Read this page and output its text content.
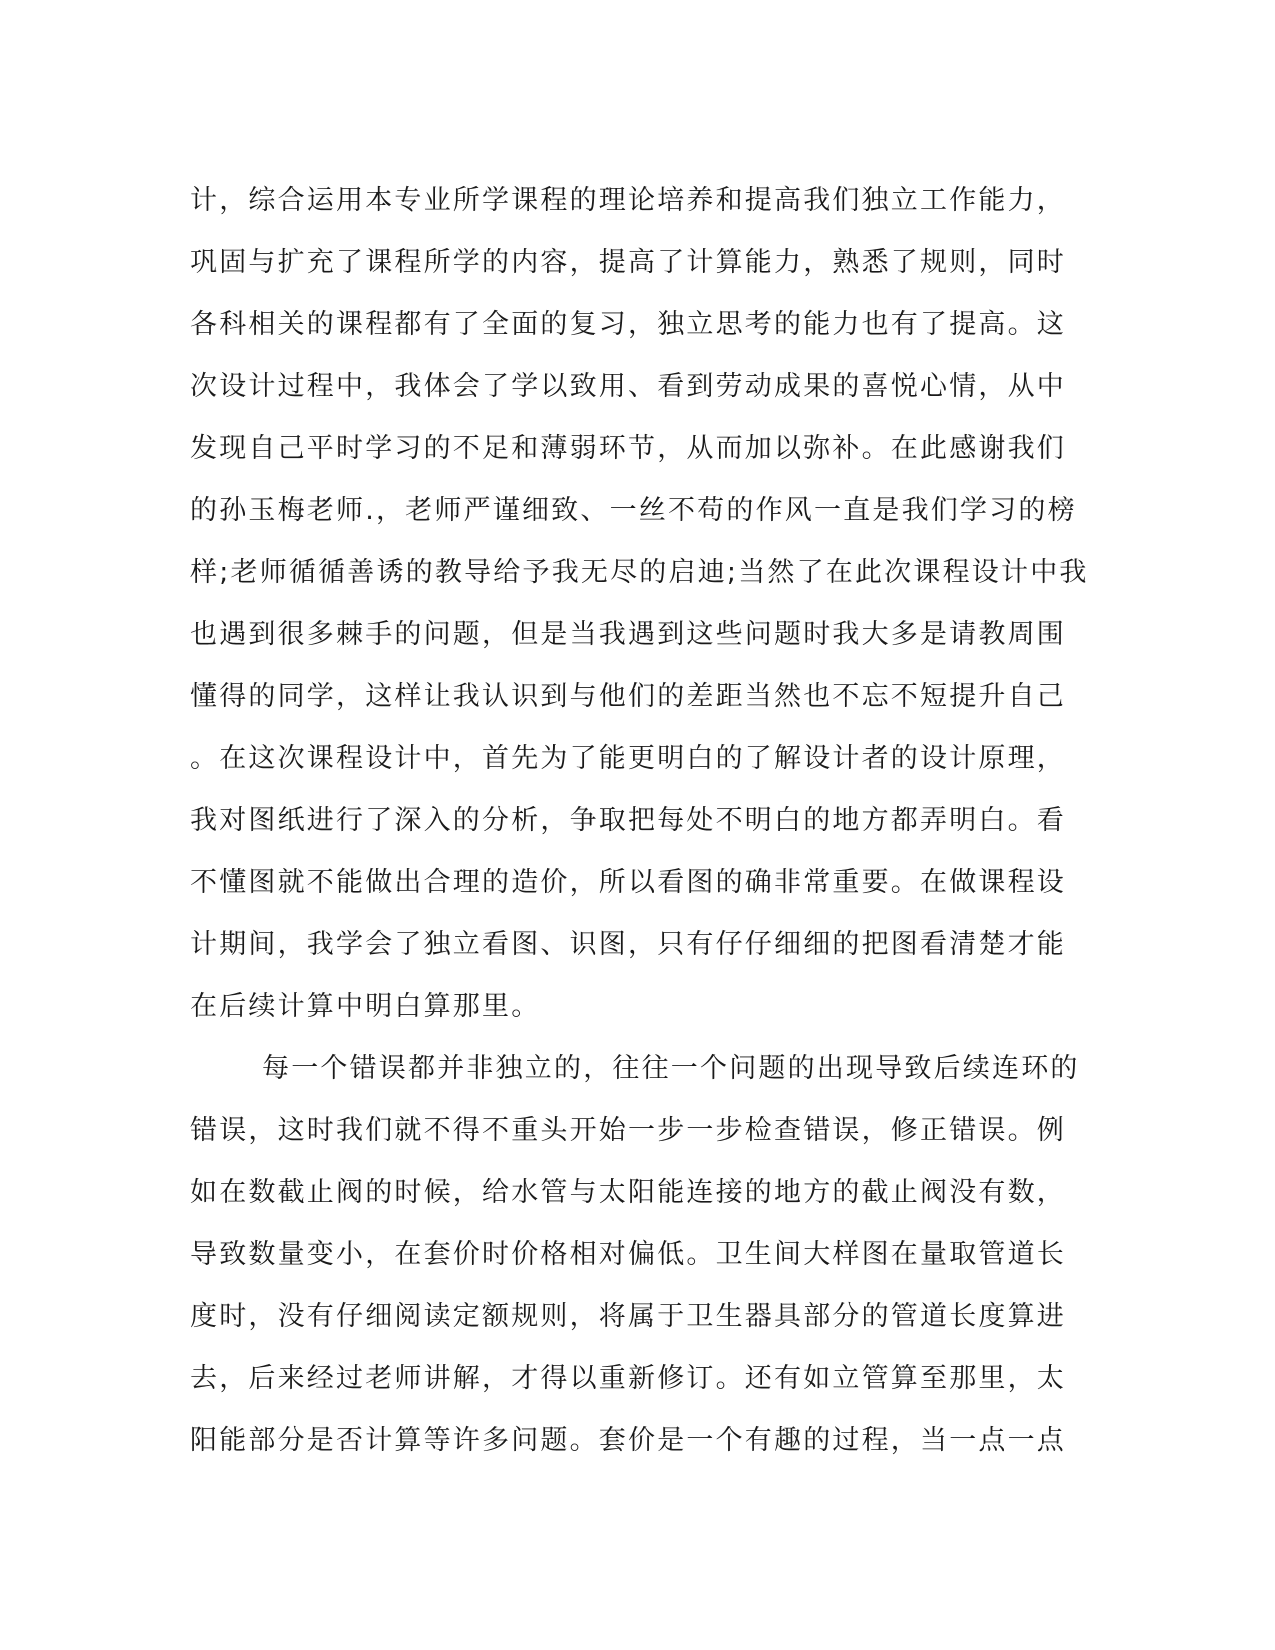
计，综合运用本专业所学课程的理论培养和提高我们独立工作能力，
巩固与扩充了课程所学的内容，提高了计算能力，熟悉了规则，同时
各科相关的课程都有了全面的复习，独立思考的能力也有了提高。这
次设计过程中，我体会了学以致用、看到劳动成果的喜悦心情，从中
发现自己平时学习的不足和薄弱环节，从而加以弥补。在此感谢我们
的孙玉梅老师.，老师严谨细致、一丝不苟的作风一直是我们学习的榜
样;老师循循善诱的教导给予我无尽的启迪;当然了在此次课程设计中我
也遇到很多棘手的问题，但是当我遇到这些问题时我大多是请教周围
懂得的同学，这样让我认识到与他们的差距当然也不忘不短提升自己
。在这次课程设计中，首先为了能更明白的了解设计者的设计原理，
我对图纸进行了深入的分析，争取把每处不明白的地方都弄明白。看
不懂图就不能做出合理的造价，所以看图的确非常重要。在做课程设
计期间，我学会了独立看图、识图，只有仔仔细细的把图看清楚才能
在后续计算中明白算那里。
每一个错误都并非独立的，往往一个问题的出现导致后续连环的
错误，这时我们就不得不重头开始一步一步检查错误，修正错误。例
如在数截止阀的时候，给水管与太阳能连接的地方的截止阀没有数，
导致数量变小，在套价时价格相对偏低。卫生间大样图在量取管道长
度时，没有仔细阅读定额规则，将属于卫生器具部分的管道长度算进
去，后来经过老师讲解，才得以重新修订。还有如立管算至那里，太
阳能部分是否计算等许多问题。套价是一个有趣的过程，当一点一点
